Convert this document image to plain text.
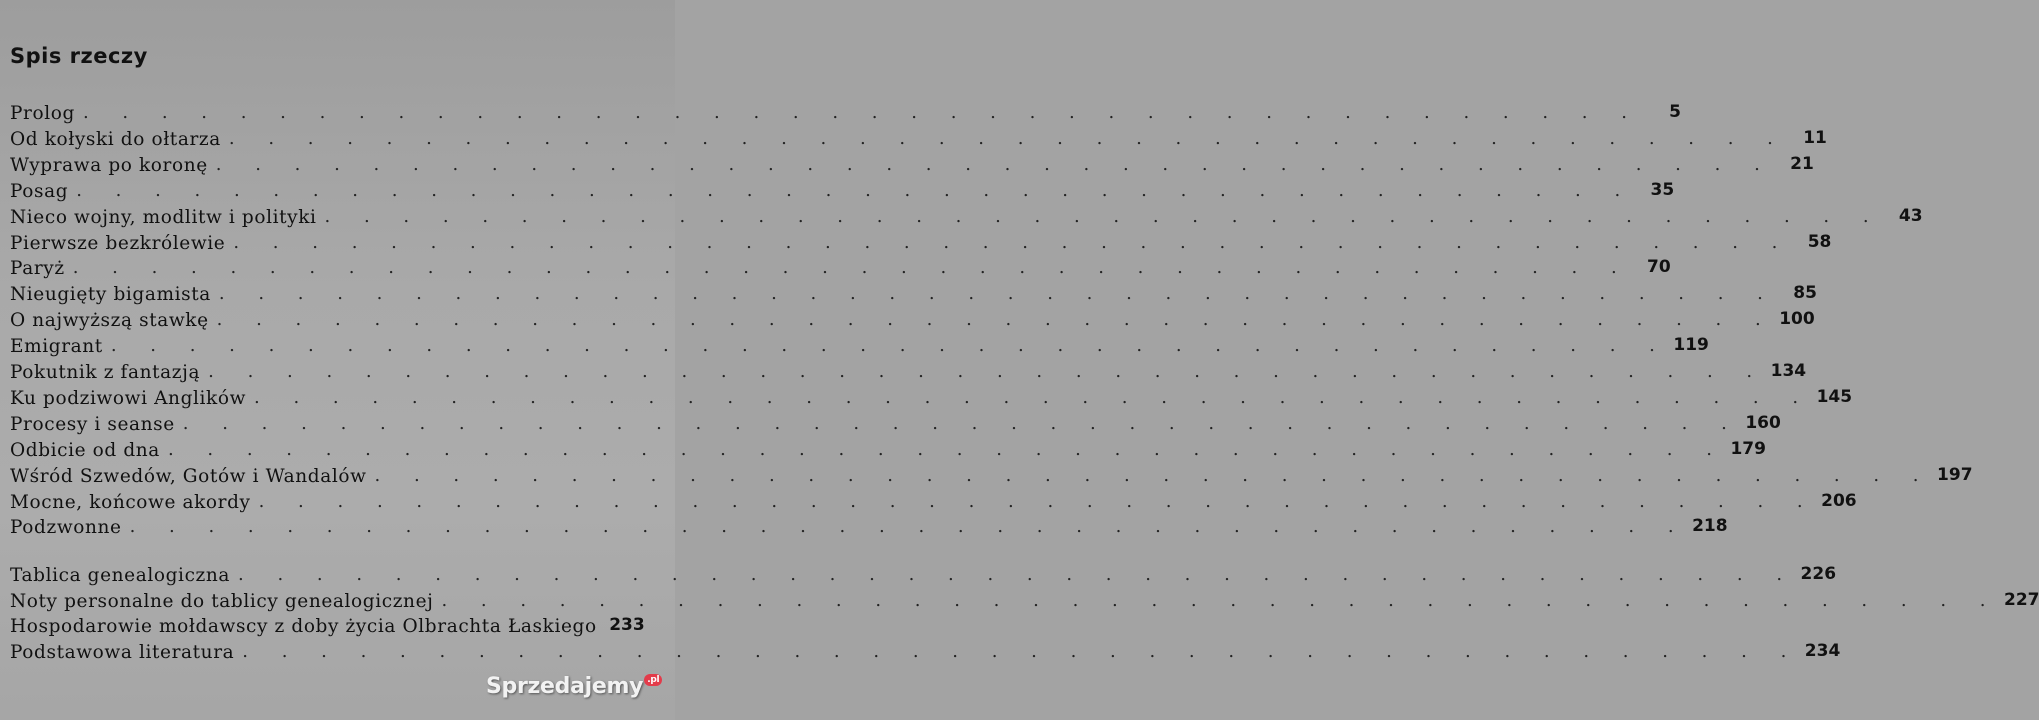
Spis rzeczy
Prolog . . . . . . . . . . . . . . . . . . . . . . . . . . . . . . . . . . . . . . . .	5
Od kołyski do ołtarza . . . . . . . . . . . . . . . . . . . . . . . . . . . . . . . . . . . . . . . . 11
Wyprawa po koronę . . . . . . . . . . . . . . . . . . . . . . . . . . . . . . . . . . . . . . . . 21
Posag . . . . . . . . . . . . . . . . . . . . . . . . . . . . . . . . . . . . . . . . 35
Nieco wojny, modlitw i polityki . . . . . . . . . . . . . . . . . . . . . . . . . . . . . . . . . . . . . . . . 43
Pierwsze bezkrólewie . . . . . . . . . . . . . . . . . . . . . . . . . . . . . . . . . . . . . . . . 58
Paryż . . . . . . . . . . . . . . . . . . . . . . . . . . . . . . . . . . . . . . . . 70
Nieugięty bigamista . . . . . . . . . . . . . . . . . . . . . . . . . . . . . . . . . . . . . . . . 85
O najwyższą stawkę . . . . . . . . . . . . . . . . . . . . . . . . . . . . . . . . . . . . . . . . 100
Emigrant . . . . . . . . . . . . . . . . . . . . . . . . . . . . . . . . . . . . . . . . 119
Pokutnik z fantazją . . . . . . . . . . . . . . . . . . . . . . . . . . . . . . . . . . . . . . . . 134
Ku podziwowi Anglików . . . . . . . . . . . . . . . . . . . . . . . . . . . . . . . . . . . . . . . . 145
Procesy i seanse . . . . . . . . . . . . . . . . . . . . . . . . . . . . . . . . . . . . . . . . 160
Odbicie od dna . . . . . . . . . . . . . . . . . . . . . . . . . . . . . . . . . . . . . . . . 179
Wśród Szwedów, Gotów i Wandalów . . . . . . . . . . . . . . . . . . . . . . . . . . . . . . . . . . . . . . . . 197
Mocne, końcowe akordy . . . . . . . . . . . . . . . . . . . . . . . . . . . . . . . . . . . . . . . . 206
Podzwonne . . . . . . . . . . . . . . . . . . . . . . . . . . . . . . . . . . . . . . . . 218
Tablica genealogiczna . . . . . . . . . . . . . . . . . . . . . . . . . . . . . . . . . . . . . . . . 226
Noty personalne do tablicy genealogicznej . . . . . . . . . . . . . . . . . . . . . . . . . . . . . . . . . . . . . . . . 227
Hospodarowie mołdawscy z doby życia Olbrachta Łaskiego 233
Podstawowa literatura . . . . . . . . . . . . . . . . . . . . . . . . . . . . . . . . . . . . . . . . 234
Sprzedajemy .pl
